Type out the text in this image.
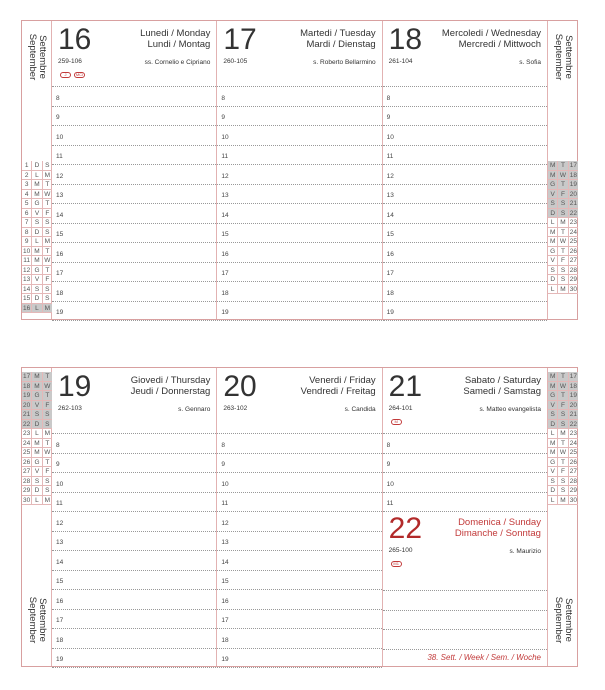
Settembre
September
1 D S
2	L M
3 M T
4 M W
5 G T
6 V F
7 S S
8 D S
9	L M
10 M T
11 M W
12 G T
13 V F
14 S S
15 D S
16 L M
16
259-106
Lunedi / Monday
Lundi / Montag
ss. Cornelio e Cipriano
J	MCI
8
9
10
11
12
13
14
15
16
17
18
19
17
260-105
Martedi / Tuesday
Mardi / Dienstag
s. Roberto Bellarmino
8
9
10
11
12
13
14
15
16
17
18
19
18
261-104
Mercoledi / Wednesday
Mercredi / Mittwoch
s. Sofia
8
9
10
11
12
13
14
15
16
17
18
19
Settembre
September
M T 17
M W 18
G T 19
V F 20
S S 21
D S 22
L M 23
M T 24
M W 25
G T 26
V F 27
S S 28
D S 29
L M 30
17 M T
18 M W
19 G T
20 V F
21 S S
22 D S
23 L M
24 M T
25 M W
26 G T
27 V F
28 S S
29 D S
30 L M
Settembre
September
19
262-103
Giovedi / Thursday
Jeudi / Donnerstag
s. Gennaro
8
9
10
11
12
13
14
15
16
17
18
19
20
263-102
Venerdi / Friday
Vendredi / Freitag
s. Candida
8
9
10
11
12
13
14
15
16
17
18
19
21
264-101
Sabato / Saturday
Samedi / Samstag
s. Matteo evangelista
M
8
9
10
11
22
265-100
Domenica / Sunday
Dimanche / Sonntag
s. Maurizio
M1
M T 17
M W 18
G T 19
V F 20
S S 21
D S 22
L M 23
M T 24
M W 25
G T 26
V F 27
S S 28
D S 29
L M 30
Settembre
September
38. Sett. / Week / Sem. / Woche
